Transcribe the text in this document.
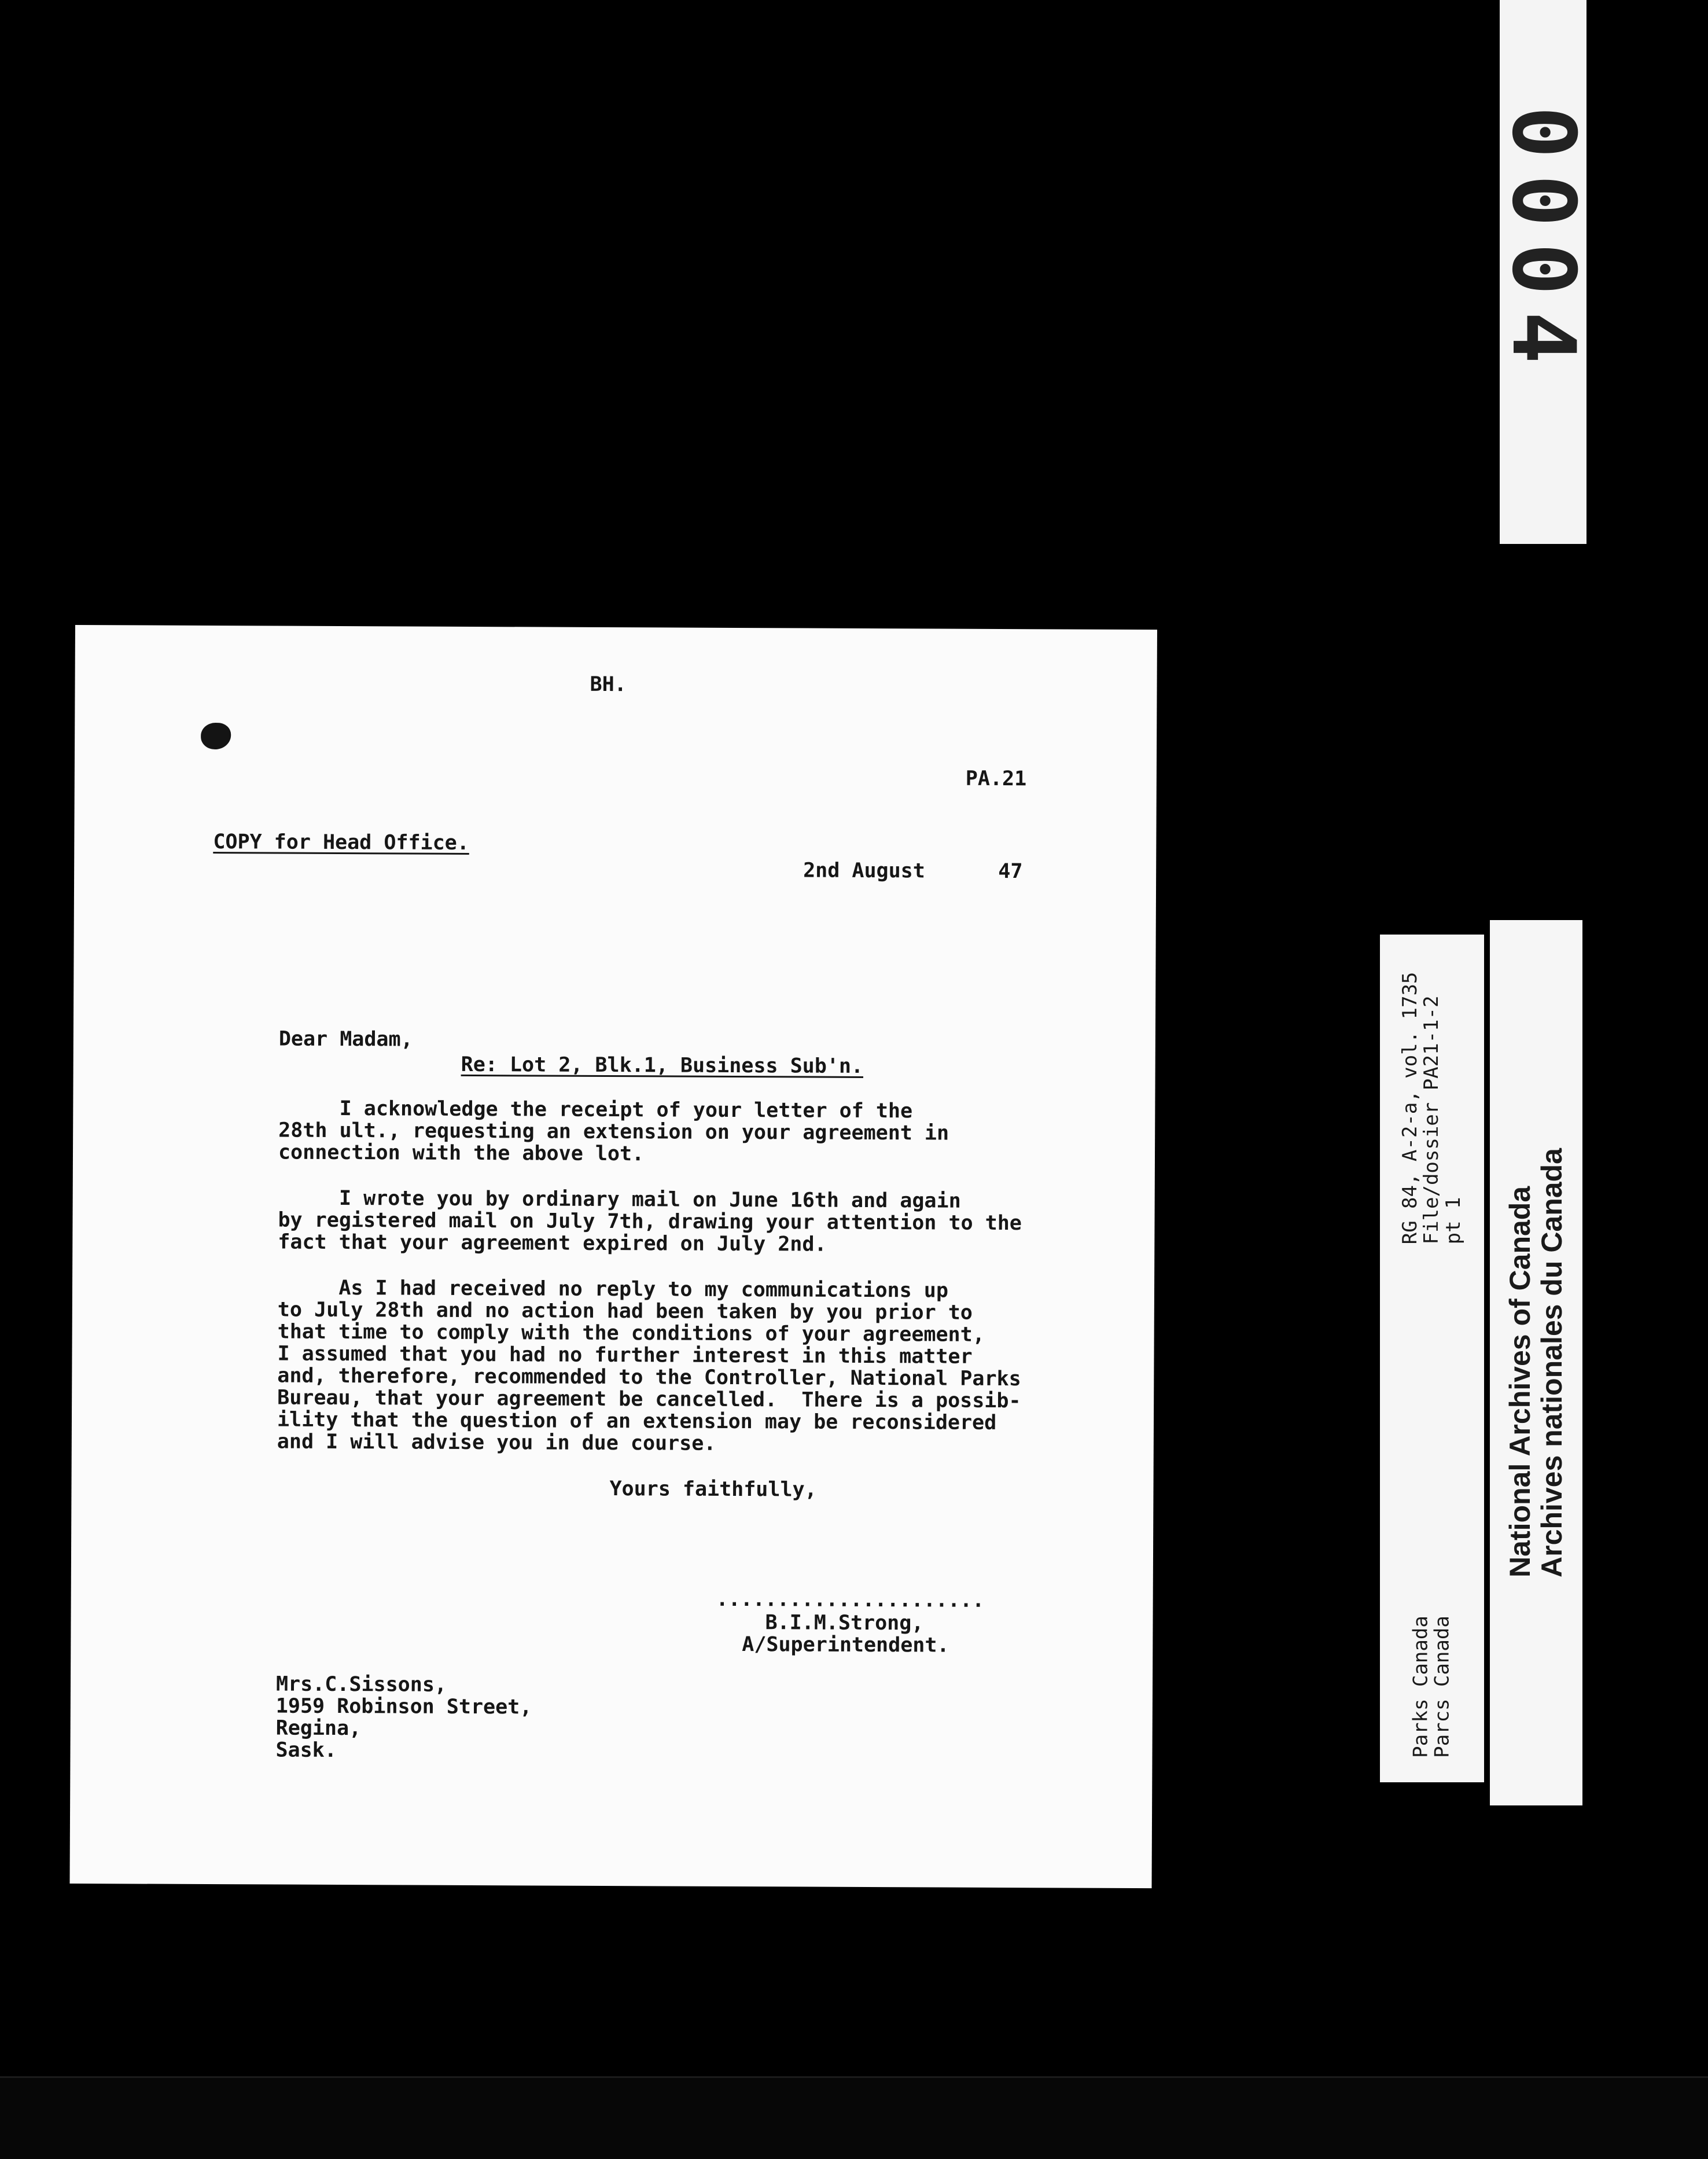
0004

BH.

PA.21

COPY for Head Office.

2nd August      47

Dear Madam,

Re: Lot 2, Blk.1, Business Sub'n.

I acknowledge the receipt of your letter of the
28th ult., requesting an extension on your agreement in
connection with the above lot.
I wrote you by ordinary mail on June 16th and again
by registered mail on July 7th, drawing your attention to the
fact that your agreement expired on July 2nd.
As I had received no reply to my communications up
to July 28th and no action had been taken by you prior to
that time to comply with the conditions of your agreement,
I assumed that you had no further interest in this matter
and, therefore, recommended to the Controller, National Parks
Bureau, that your agreement be cancelled.  There is a possib-
ility that the question of an extension may be reconsidered
and I will advise you in due course.

Yours faithfully,

......................

B.I.M.Strong,

A/Superintendent.

Mrs.C.Sissons,

1959 Robinson Street,

Regina,

Sask.

RG 84, A-2-a, vol. 1735
File/dossier PA21-1-2
pt 1
Parks Canada
Parcs Canada
National Archives of Canada Archives nationales du Canada
